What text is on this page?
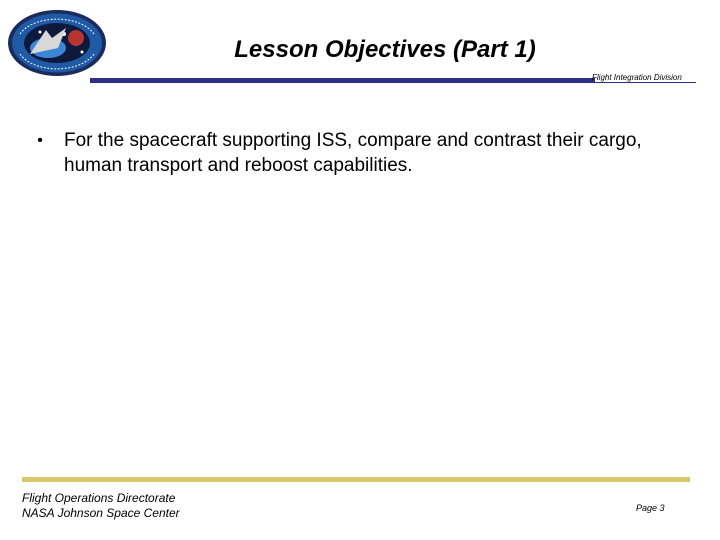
Lesson Objectives (Part 1)
Flight Integration Division
•	For the spacecraft supporting ISS, compare and contrast their cargo, human transport and reboost capabilities.
Flight Operations Directorate
NASA Johnson Space Center	Page 3
